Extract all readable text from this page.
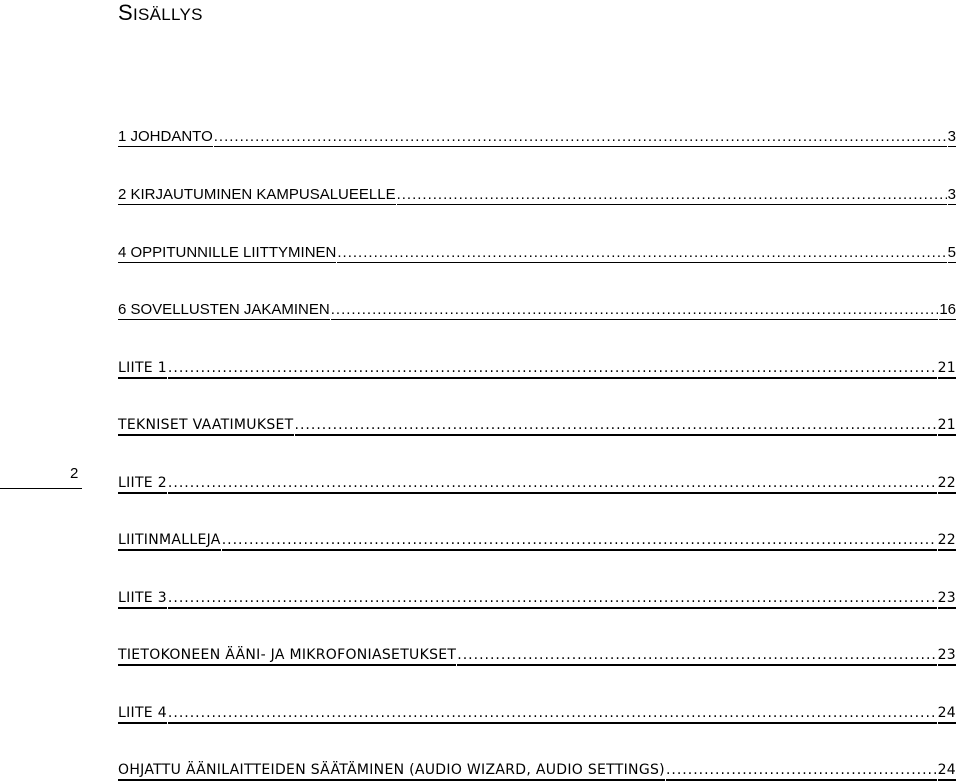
SISÄLLYS
2
1 JOHDANTO .....	3
2 KIRJAUTUMINEN KAMPUSALUEELLE .....	3
4 OPPITUNNILLE LIITTYMINEN .....	5
6 SOVELLUSTEN JAKAMINEN .....	16
LIITE 1 .....	21
TEKNISET VAATIMUKSET .....	21
LIITE 2 .....	22
LIITINMALLEJA .....	22
LIITE 3 .....	23
TIETOKONEEN ÄÄNI- JA MIKROFONIASETUKSET .....	23
LIITE 4 .....	24
OHJATTU ÄÄNILAITTEIDEN SÄÄTÄMINEN (AUDIO WIZARD, AUDIO SETTINGS) .....	24
